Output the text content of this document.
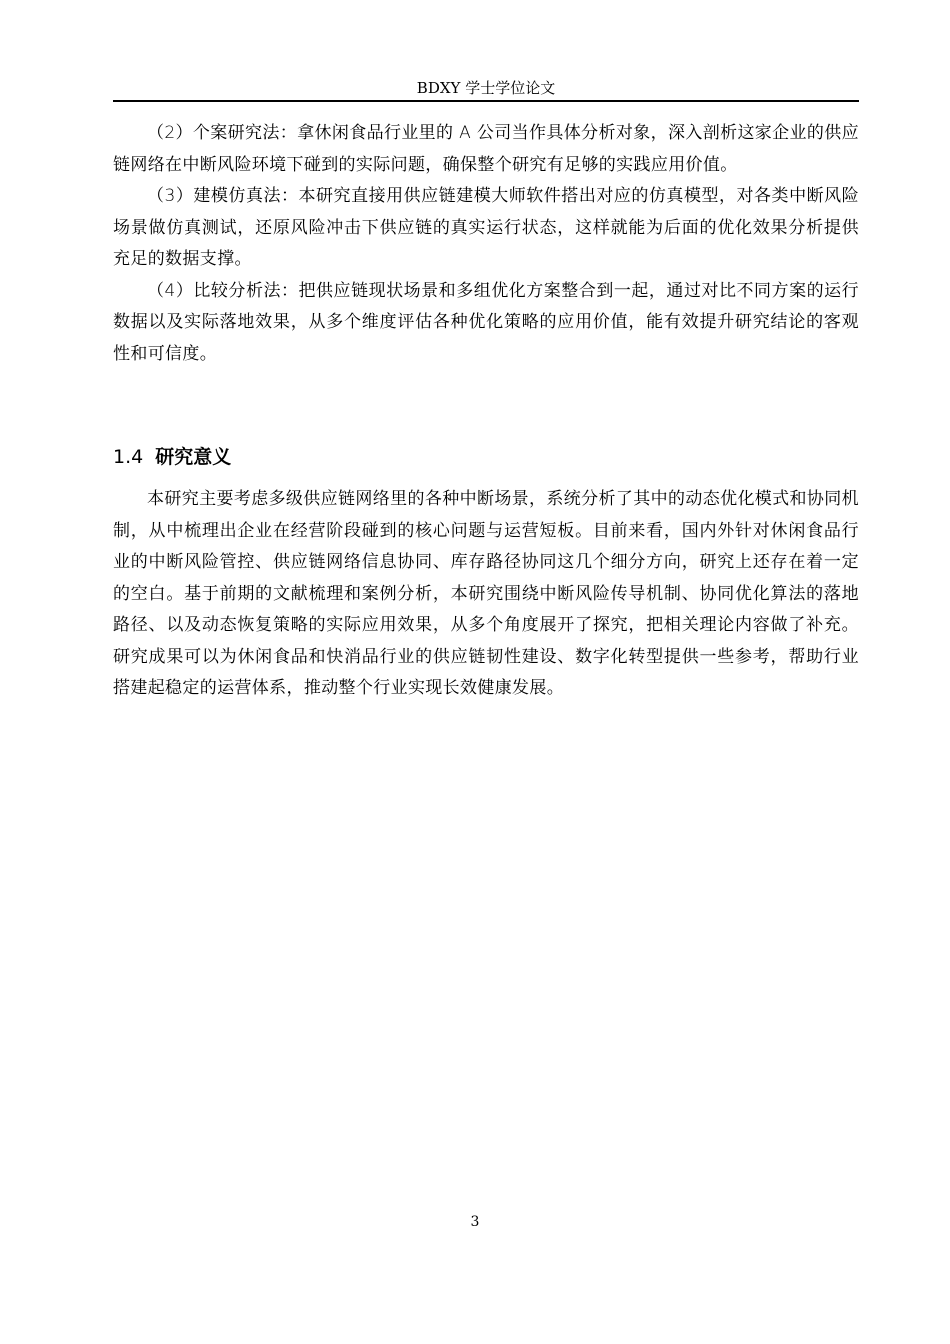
BDXY 学士学位论文

（2）个案研究法：拿休闲食品行业里的 A 公司当作具体分析对象，深入剖析这家企业的供应链网络在中断风险环境下碰到的实际问题，确保整个研究有足够的实践应用价值。

（3）建模仿真法：本研究直接用供应链建模大师软件搭出对应的仿真模型，对各类中断风险场景做仿真测试，还原风险冲击下供应链的真实运行状态，这样就能为后面的优化效果分析提供充足的数据支撑。

（4）比较分析法：把供应链现状场景和多组优化方案整合到一起，通过对比不同方案的运行数据以及实际落地效果，从多个维度评估各种优化策略的应用价值，能有效提升研究结论的客观性和可信度。

1.4 研究意义

本研究主要考虑多级供应链网络里的各种中断场景，系统分析了其中的动态优化模式和协同机制，从中梳理出企业在经营阶段碰到的核心问题与运营短板。目前来看，国内外针对休闲食品行业的中断风险管控、供应链网络信息协同、库存路径协同这几个细分方向，研究上还存在着一定的空白。基于前期的文献梳理和案例分析，本研究围绕中断风险传导机制、协同优化算法的落地路径、以及动态恢复策略的实际应用效果，从多个角度展开了探究，把相关理论内容做了补充。研究成果可以为休闲食品和快消品行业的供应链韧性建设、数字化转型提供一些参考，帮助行业搭建起稳定的运营体系，推动整个行业实现长效健康发展。

3
